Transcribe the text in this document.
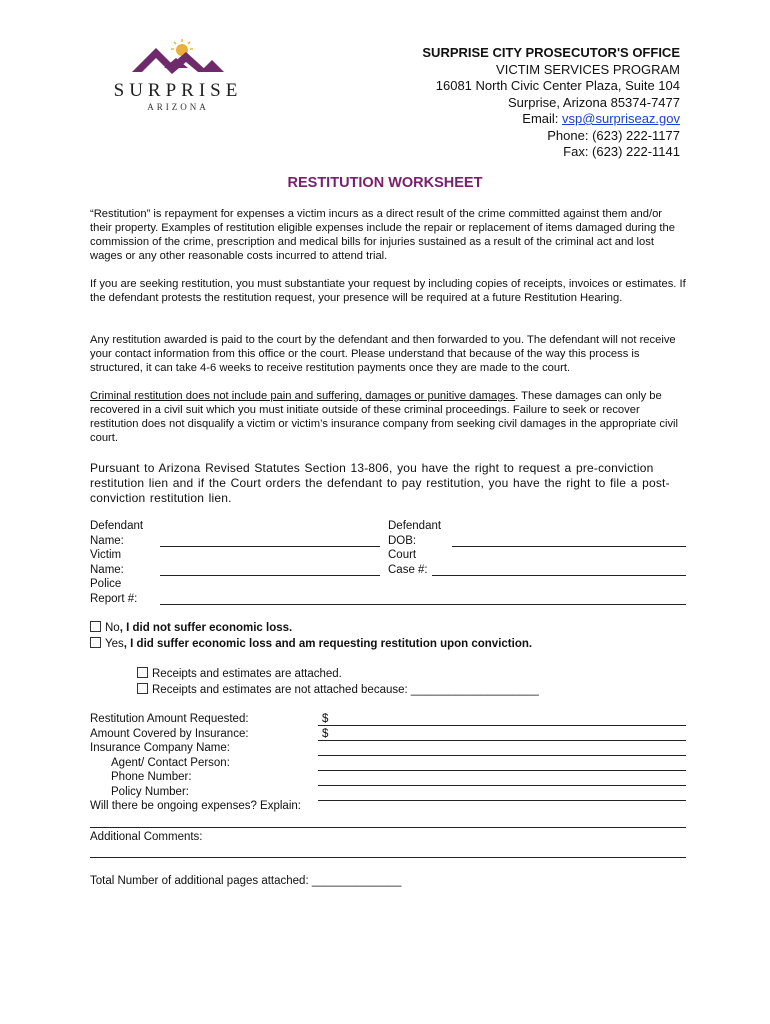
SURPRISE
ARIZONA
SURPRISE CITY PROSECUTOR'S OFFICE
VICTIM SERVICES PROGRAM
16081 North Civic Center Plaza, Suite 104
Surprise, Arizona 85374-7477
Email: vsp@surpriseaz.gov
Phone: (623) 222-1177
Fax: (623) 222-1141
RESTITUTION WORKSHEET
“Restitution” is repayment for expenses a victim incurs as a direct result of the crime committed against them and/or their property. Examples of restitution eligible expenses include the repair or replacement of items damaged during the commission of the crime, prescription and medical bills for injuries sustained as a result of the criminal act and lost wages or any other reasonable costs incurred to attend trial.
If you are seeking restitution, you must substantiate your request by including copies of receipts, invoices or estimates. If the defendant protests the restitution request, your presence will be required at a future Restitution Hearing.
Any restitution awarded is paid to the court by the defendant and then forwarded to you. The defendant will not receive your contact information from this office or the court. Please understand that because of the way this process is structured, it can take 4-6 weeks to receive restitution payments once they are made to the court.
Criminal restitution does not include pain and suffering, damages or punitive damages. These damages can only be recovered in a civil suit which you must initiate outside of these criminal proceedings. Failure to seek or recover restitution does not disqualify a victim or victim’s insurance company from seeking civil damages in the appropriate civil court.
Pursuant to Arizona Revised Statutes Section 13-806, you have the right to request a pre-conviction restitution lien and if the Court orders the defendant to pay restitution, you have the right to file a post-conviction restitution lien.
Defendant
Name:
Victim
Name:
Police
Report #:
Defendant
DOB:
Court
Case #:
No, I did not suffer economic loss.
Yes, I did suffer economic loss and am requesting restitution upon conviction.
Receipts and estimates are attached.
Receipts and estimates are not attached because: ____________________
Restitution Amount Requested:
Amount Covered by Insurance:
Insurance Company Name:
Agent/ Contact Person:
Phone Number:
Policy Number:
Will there be ongoing expenses? Explain:
$
$
Additional Comments:
Total Number of additional pages attached: ______________
